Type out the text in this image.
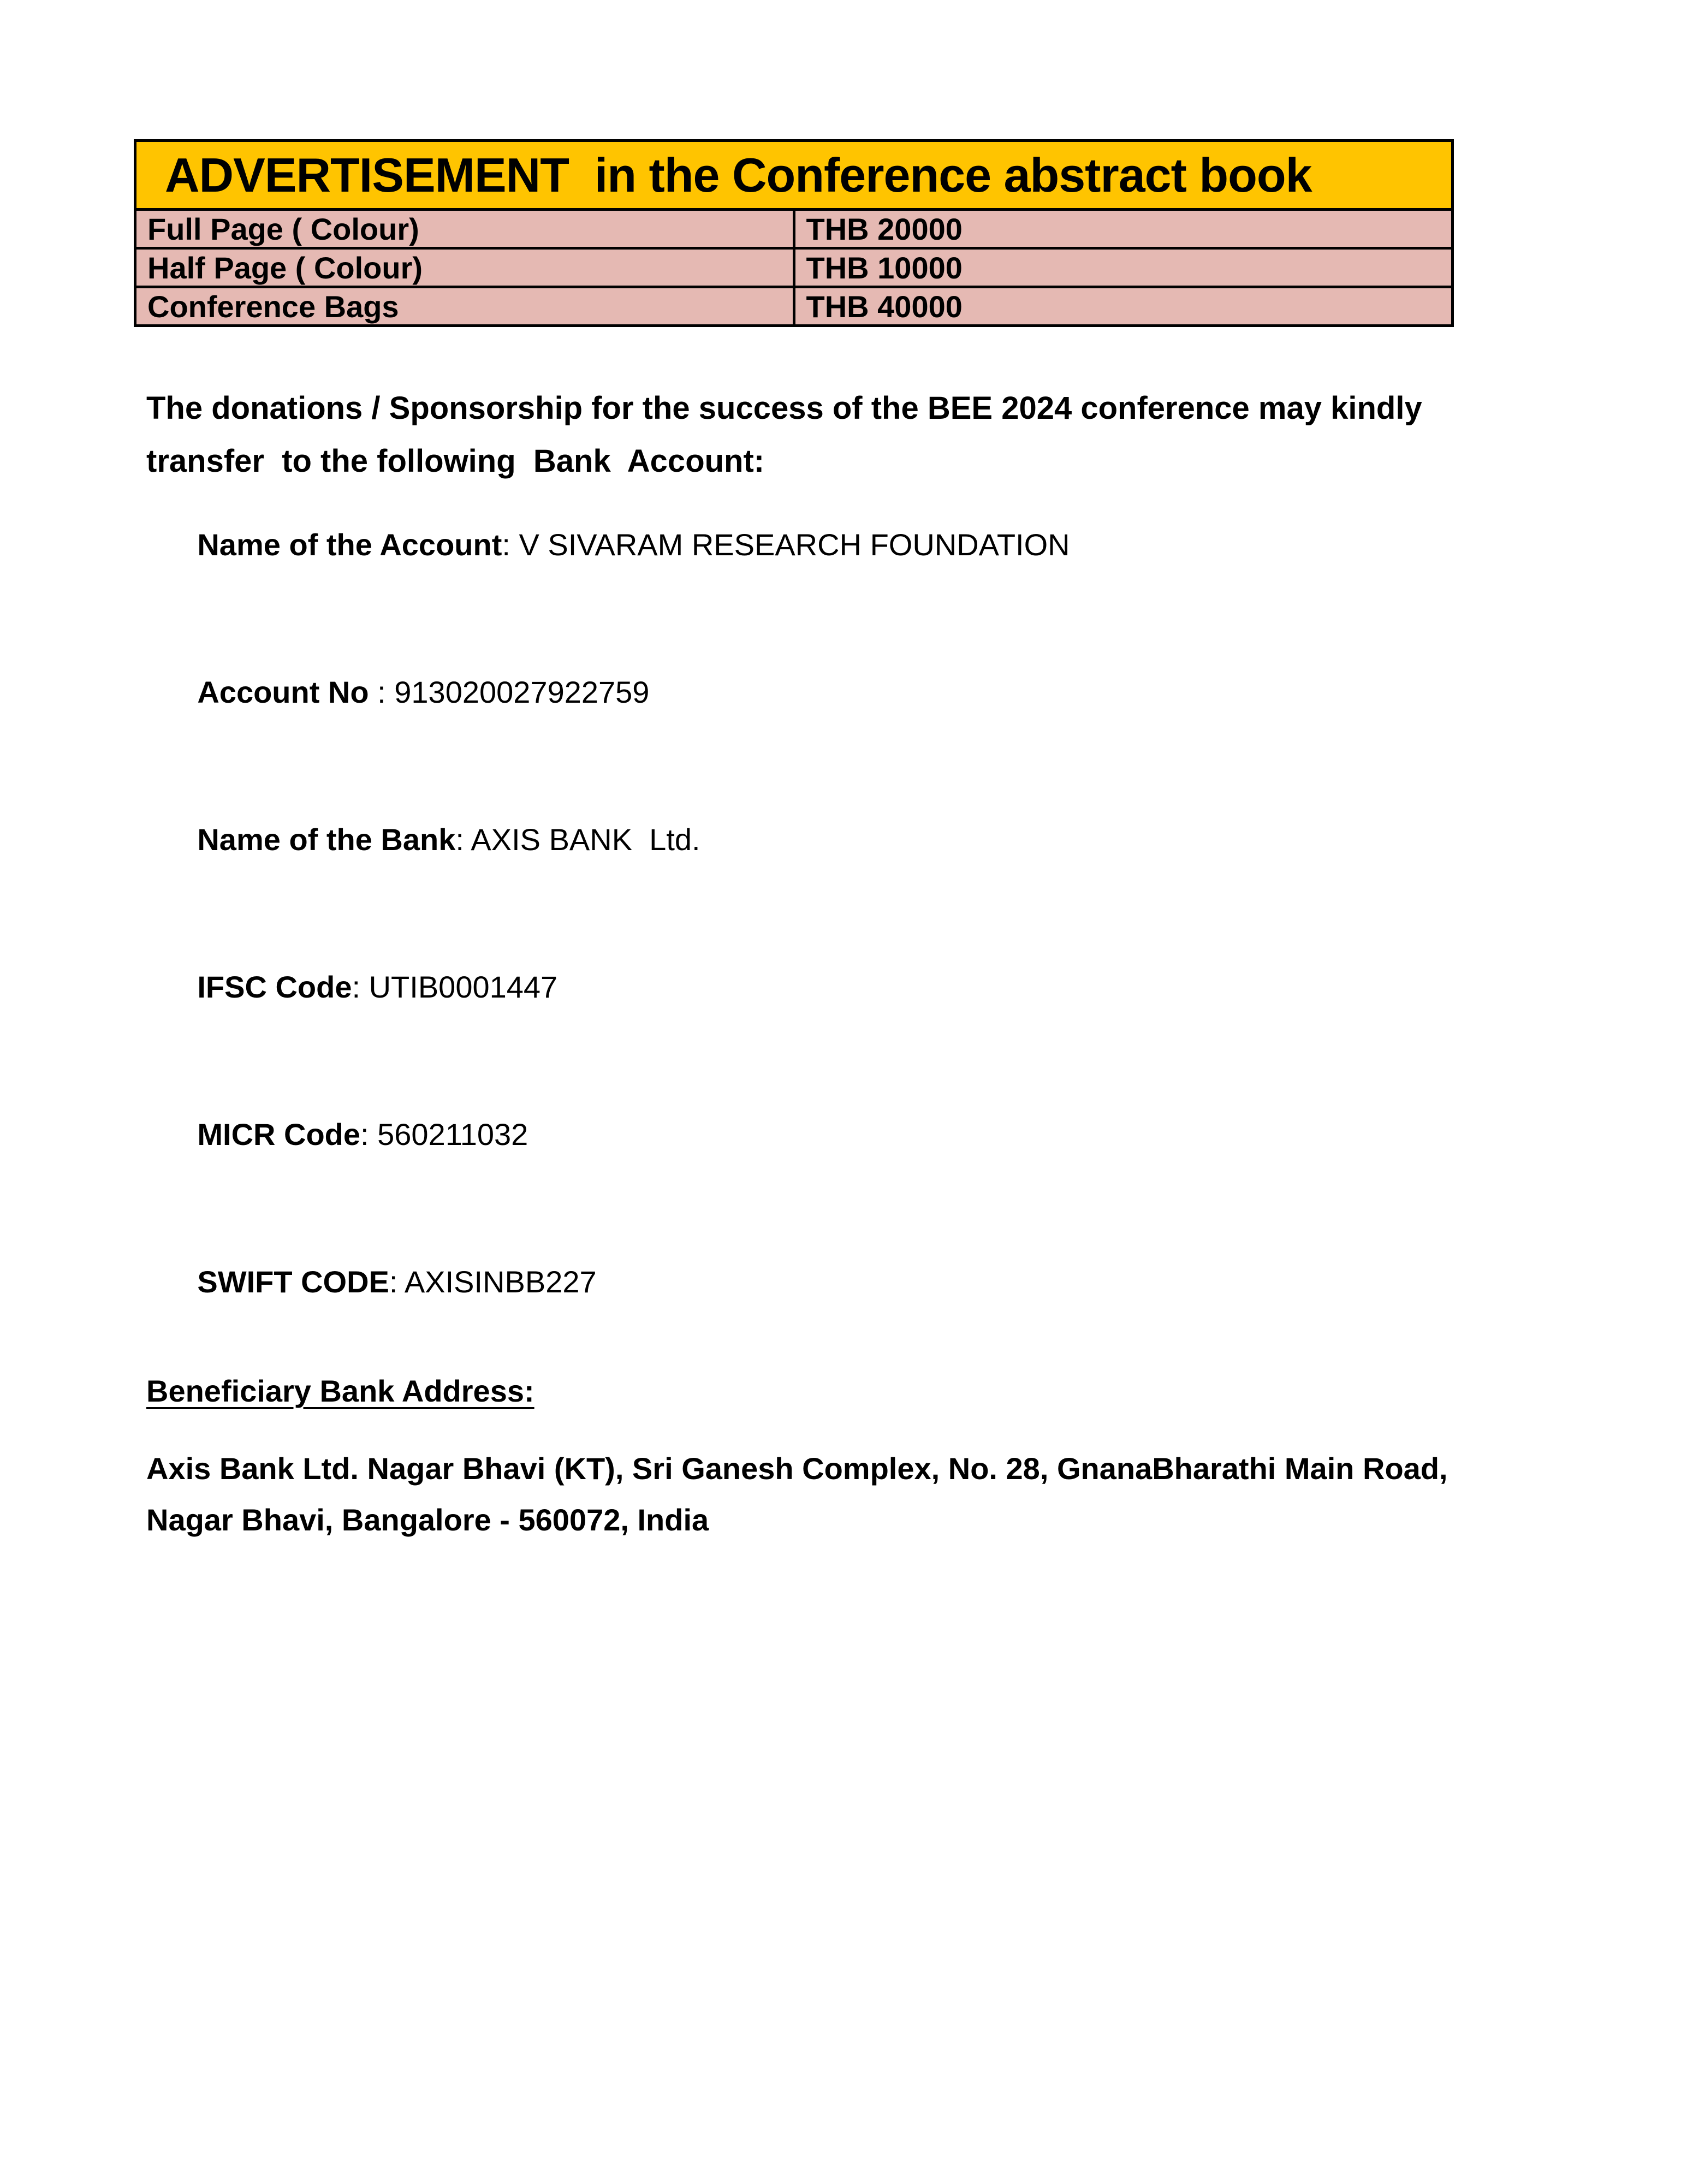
ADVERTISEMENT  in the Conference abstract book	
Full Page ( Colour)	THB 20000
Half Page ( Colour)	THB 10000
Conference Bags	THB 40000

The donations / Sponsorship for the success of the BEE 2024 conference may kindly transfer  to the following  Bank  Account:

Name of the Account: V SIVARAM RESEARCH FOUNDATION

Account No : 913020027922759

Name of the Bank: AXIS BANK  Ltd.

IFSC Code: UTIB0001447

MICR Code: 560211032

SWIFT CODE: AXISINBB227

Beneficiary Bank Address:

Axis Bank Ltd. Nagar Bhavi (KT), Sri Ganesh Complex, No. 28, GnanaBharathi Main Road, Nagar Bhavi, Bangalore - 560072, India
